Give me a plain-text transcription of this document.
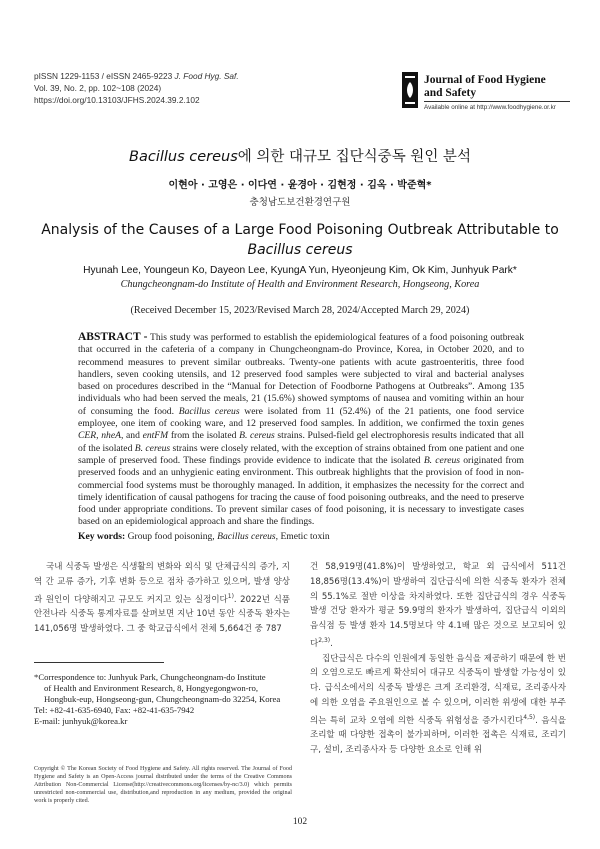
pISSN 1229-1153 / eISSN 2465-9223 J. Food Hyg. Saf.
Vol. 39, No. 2, pp. 102~108 (2024)
https://doi.org/10.13103/JFHS.2024.39.2.102
Journal of Food Hygiene
and Safety
Available online at http://www.foodhygiene.or.kr
Bacillus cereus에 의한 대규모 집단식중독 원인 분석
이현아 · 고영은 · 이다연 · 윤경아 · 김현정 · 김옥 · 박준혁*
충청남도보건환경연구원
Analysis of the Causes of a Large Food Poisoning Outbreak Attributable to
Bacillus cereus
Hyunah Lee, Youngeun Ko, Dayeon Lee, KyungA Yun, Hyeonjeung Kim, Ok Kim, Junhyuk Park*
Chungcheongnam-do Institute of Health and Environment Research, Hongseong, Korea
(Received December 15, 2023/Revised March 28, 2024/Accepted March 29, 2024)
ABSTRACT - This study was performed to establish the epidemiological features of a food poisoning outbreak that occurred in the cafeteria of a company in Chungcheongnam-do Province, Korea, in October 2020, and to recommend measures to prevent similar outbreaks. Twenty-one patients with acute gastroenteritis, three food handlers, seven cooking utensils, and 12 preserved food samples were subjected to viral and bacterial analyses based on procedures described in the “Manual for Detection of Foodborne Pathogens at Outbreaks”. Among 135 individuals who had been served the meals, 21 (15.6%) showed symptoms of nausea and vomiting within an hour of consuming the food. Bacillus cereus were isolated from 11 (52.4%) of the 21 patients, one food service employee, one item of cooking ware, and 12 preserved food samples. In addition, we confirmed the toxin genes CER, nheA, and entFM from the isolated B. cereus strains. Pulsed-field gel electrophoresis results indicated that all of the isolated B. cereus strains were closely related, with the exception of strains obtained from one patient and one sample of preserved food. These findings provide evidence to indicate that the isolated B. cereus originated from preserved foods and an unhygienic eating environment. This outbreak highlights that the provision of food in non-commercial food systems must be thoroughly managed. In addition, it emphasizes the necessity for the correct and timely identification of causal pathogens for tracing the cause of food poisoning outbreaks, and the need to preserve food under appropriate conditions. To prevent similar cases of food poisoning, it is necessary to investigate cases based on an epidemiological approach and share the findings.
Key words: Group food poisoning, Bacillus cereus, Emetic toxin

국내 식중독 발생은 식생활의 변화와 외식 및 단체급식의 증가, 지역 간 교류 증가, 기후 변화 등으로 점차 증가하고 있으며, 발생 양상과 원인이 다양해지고 규모도 커지고 있는 실정이다$^{1)}$. 2022년 식품안전나라 식중독 통계자료를 살펴보면 지난 10년 동안 식중독 환자는 141,056명 발생하였다. 그 중 학교급식에서 전체 5,664건 중 787

건 58,919명(41.8%)이 발생하였고, 학교 외 급식에서 511건 18,856명(13.4%)이 발생하여 집단급식에 의한 식중독 환자가 전체의 55.1%로 절반 이상을 차지하였다. 또한 집단급식의 경우 식중독 발생 건당 환자가 평균 59.9명의 환자가 발생하여, 집단급식 이외의 음식점 등 발생 환자 14.5명보다 약 4.1배 많은 것으로 보고되어 있다$^{2,3)}$.

집단급식은 다수의 인원에게 동일한 음식을 제공하기 때문에 한 번의 오염으로도 빠르게 확산되어 대규모 식중독이 발생할 가능성이 있다. 급식소에서의 식중독 발생은 크게 조리환경, 식재료, 조리종사자에 의한 오염을 주요원인으로 볼 수 있으며, 이러한 위생에 대한 부주의는 특히 교차 오염에 의한 식중독 위험성을 증가시킨다$^{4,5)}$. 음식을 조리할 때 다양한 접촉이 불가피하며, 이러한 접촉은 식재료, 조리기구, 설비, 조리종사자 등 다양한 요소로 인해 위

*Correspondence to: Junhyuk Park, Chungcheongnam-do Institute
of Health and Environment Research, 8, Hongyegongwon-ro,
Hongbuk-eup, Hongseong-gun, Chungcheongnam-do 32254, Korea
Tel: +82-41-635-6940, Fax: +82-41-635-7942
E-mail: junhyuk@korea.kr
Copyright © The Korean Society of Food Hygiene and Safety. All rights reserved. The Journal of Food Hygiene and Safety is an Open-Access journal distributed under the terms of the Creative Commons Attribution Non-Commercial License(http://creativecommons.org/licenses/by-nc/3.0) which permits unrestricted non-commercial use, distribution,and reproduction in any medium, provided the original work is properly cited.
102
